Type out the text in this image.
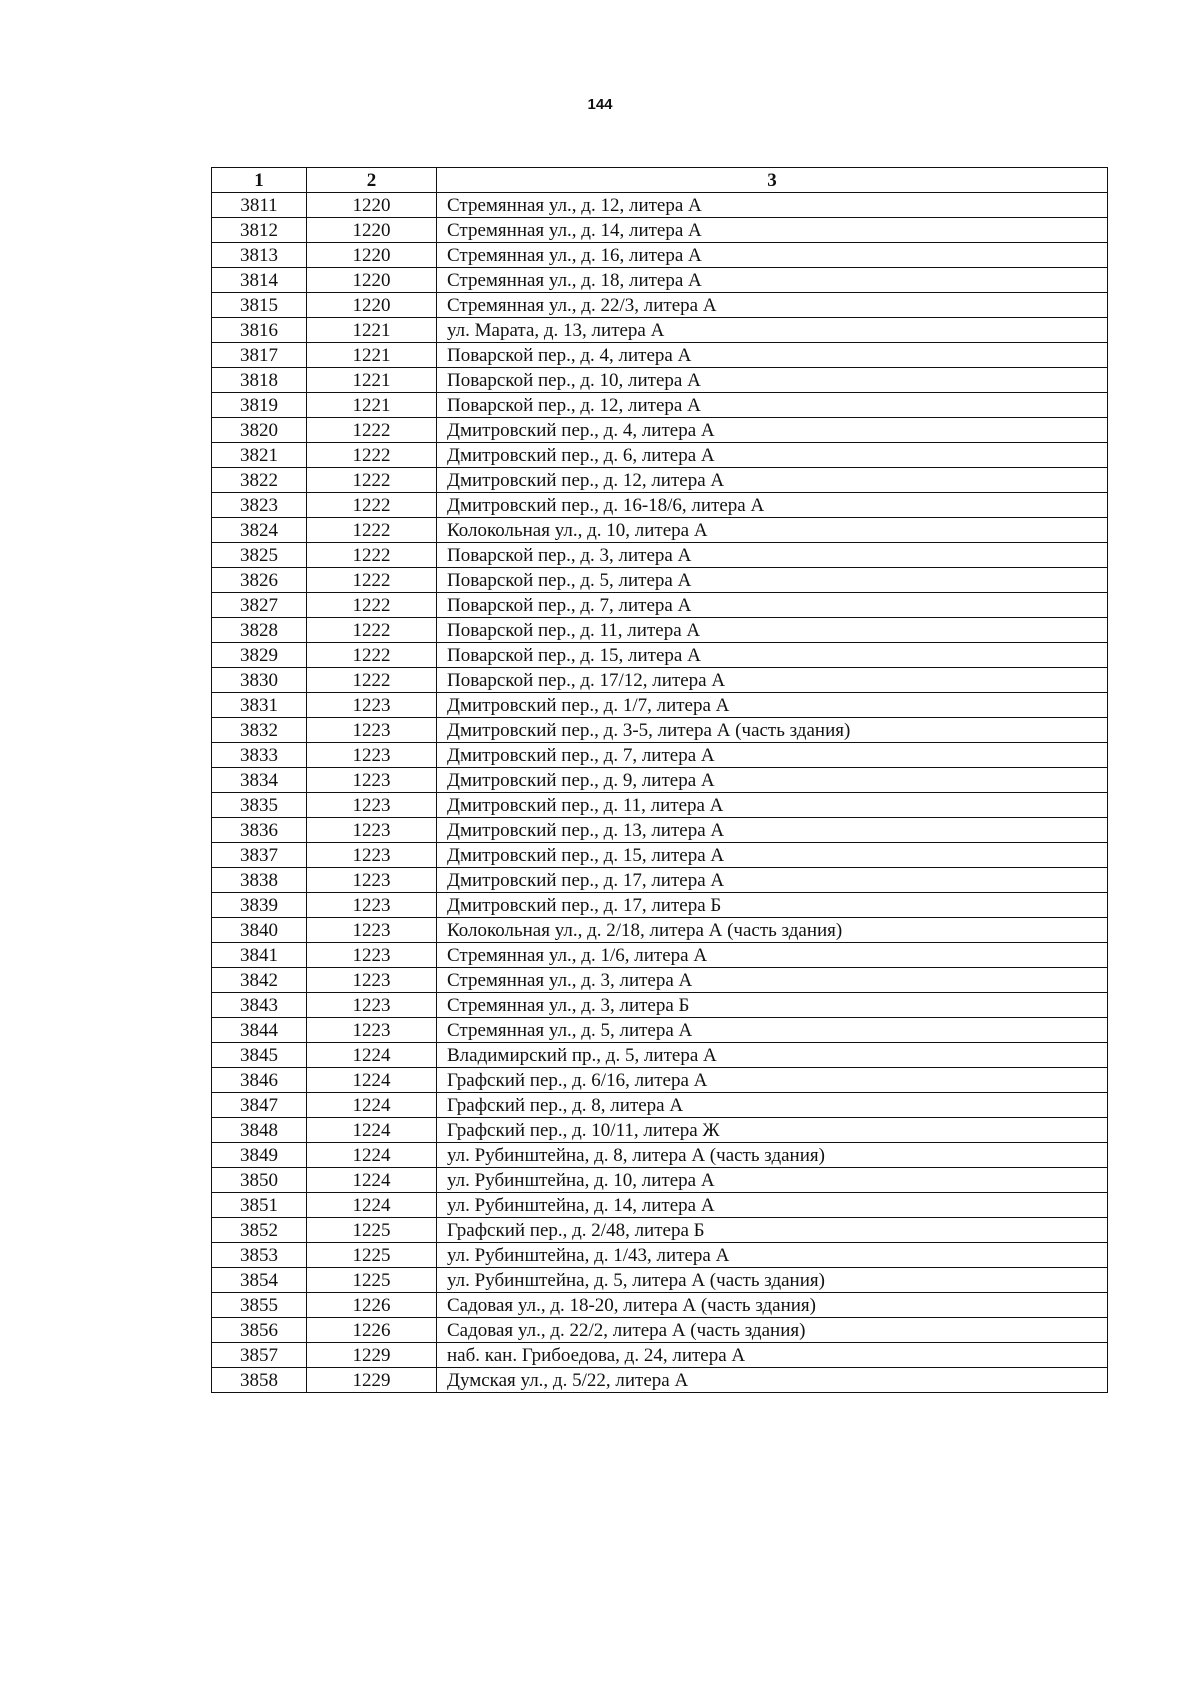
144
1	2	3
3811	1220	Стремянная ул., д. 12, литера А
3812	1220	Стремянная ул., д. 14, литера А
3813	1220	Стремянная ул., д. 16, литера А
3814	1220	Стремянная ул., д. 18, литера А
3815	1220	Стремянная ул., д. 22/3, литера А
3816	1221	ул. Марата, д. 13, литера А
3817	1221	Поварской пер., д. 4, литера А
3818	1221	Поварской пер., д. 10, литера А
3819	1221	Поварской пер., д. 12, литера А
3820	1222	Дмитровский пер., д. 4, литера А
3821	1222	Дмитровский пер., д. 6, литера А
3822	1222	Дмитровский пер., д. 12, литера А
3823	1222	Дмитровский пер., д. 16-18/6, литера А
3824	1222	Колокольная ул., д. 10, литера А
3825	1222	Поварской пер., д. 3, литера А
3826	1222	Поварской пер., д. 5, литера А
3827	1222	Поварской пер., д. 7, литера А
3828	1222	Поварской пер., д. 11, литера А
3829	1222	Поварской пер., д. 15, литера А
3830	1222	Поварской пер., д. 17/12, литера А
3831	1223	Дмитровский пер., д. 1/7, литера А
3832	1223	Дмитровский пер., д. 3-5, литера А (часть здания)
3833	1223	Дмитровский пер., д. 7, литера А
3834	1223	Дмитровский пер., д. 9, литера А
3835	1223	Дмитровский пер., д. 11, литера А
3836	1223	Дмитровский пер., д. 13, литера А
3837	1223	Дмитровский пер., д. 15, литера А
3838	1223	Дмитровский пер., д. 17, литера А
3839	1223	Дмитровский пер., д. 17, литера Б
3840	1223	Колокольная ул., д. 2/18, литера А (часть здания)
3841	1223	Стремянная ул., д. 1/6, литера А
3842	1223	Стремянная ул., д. 3, литера А
3843	1223	Стремянная ул., д. 3, литера Б
3844	1223	Стремянная ул., д. 5, литера А
3845	1224	Владимирский пр., д. 5, литера А
3846	1224	Графский пер., д. 6/16, литера А
3847	1224	Графский пер., д. 8, литера А
3848	1224	Графский пер., д. 10/11, литера Ж
3849	1224	ул. Рубинштейна, д. 8, литера А (часть здания)
3850	1224	ул. Рубинштейна, д. 10, литера А
3851	1224	ул. Рубинштейна, д. 14, литера А
3852	1225	Графский пер., д. 2/48, литера Б
3853	1225	ул. Рубинштейна, д. 1/43, литера А
3854	1225	ул. Рубинштейна, д. 5, литера А (часть здания)
3855	1226	Садовая ул., д. 18-20, литера А (часть здания)
3856	1226	Садовая ул., д. 22/2, литера А (часть здания)
3857	1229	наб. кан. Грибоедова, д. 24, литера А
3858	1229	Думская ул., д. 5/22, литера А
